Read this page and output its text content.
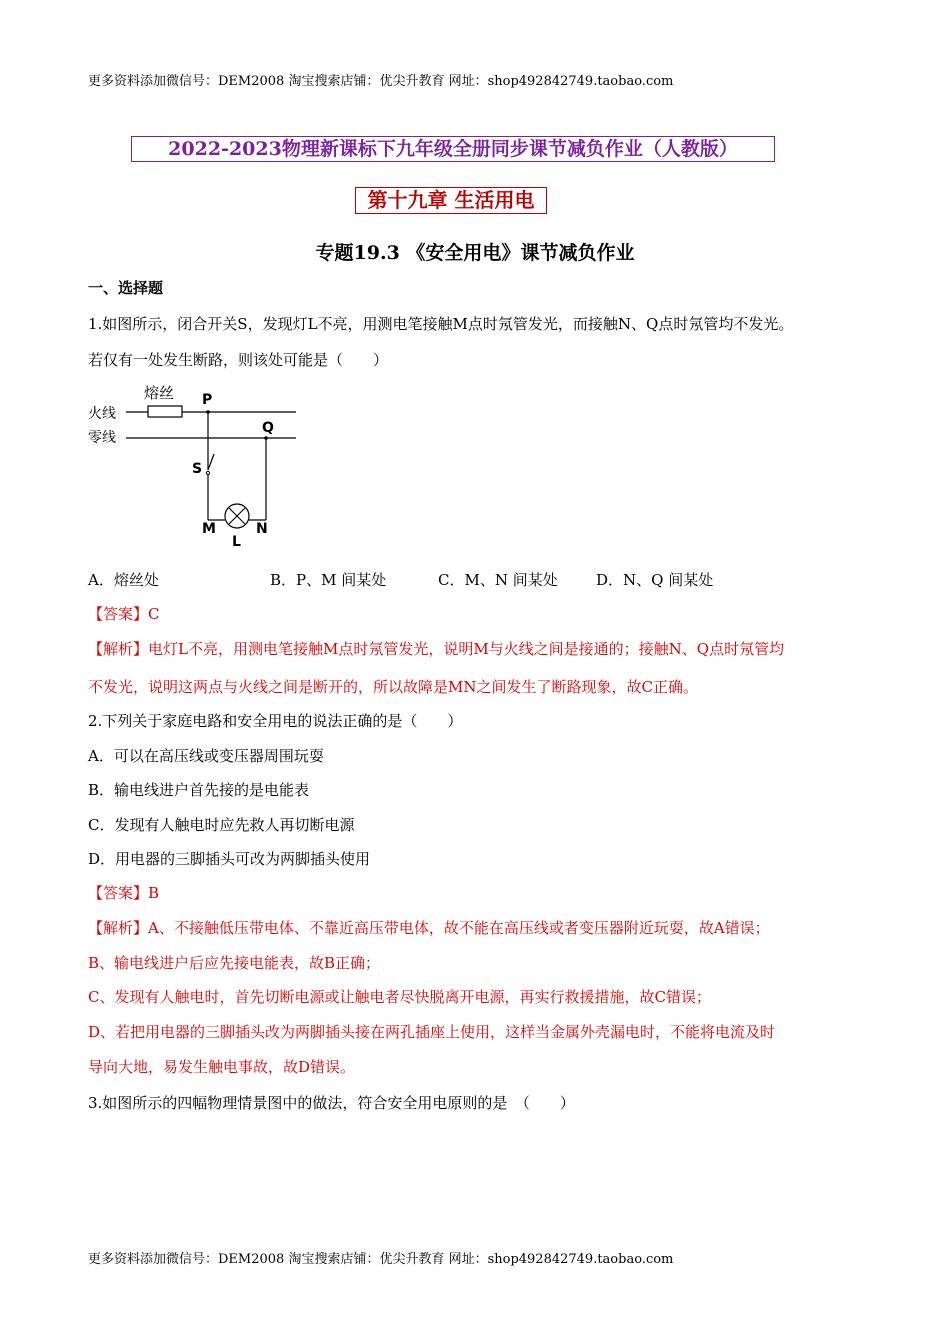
更多资料添加微信号：DEM2008 淘宝搜索店铺：优尖升教育 网址：shop492842749.taobao.com
2022-2023物理新课标下九年级全册同步课节减负作业（人教版）
第十九章 生活用电
专题19.3 《安全用电》课节减负作业
一、选择题
1.如图所示，闭合开关S，发现灯L不亮，用测电笔接触M点时氖管发光，而接触N、Q点时氖管均不发光。
若仅有一处发生断路，则该处可能是（　　）
熔丝
火线
零线
P
Q
S
M	N
L
A．熔丝处	B．P、M 间某处	C．M、N 间某处	D．N、Q 间某处
【答案】C
【解析】电灯L不亮，用测电笔接触M点时氖管发光，说明M与火线之间是接通的；接触N、Q点时氖管均
不发光，说明这两点与火线之间是断开的，所以故障是MN之间发生了断路现象，故C正确。
2.下列关于家庭电路和安全用电的说法正确的是（　　）
A．可以在高压线或变压器周围玩耍
B．输电线进户首先接的是电能表
C．发现有人触电时应先救人再切断电源
D．用电器的三脚插头可改为两脚插头使用
【答案】B
【解析】A、不接触低压带电体、不靠近高压带电体，故不能在高压线或者变压器附近玩耍，故A错误；
B、输电线进户后应先接电能表，故B正确；
C、发现有人触电时，首先切断电源或让触电者尽快脱离开电源，再实行救援措施，故C错误；
D、若把用电器的三脚插头改为两脚插头接在两孔插座上使用，这样当金属外壳漏电时，不能将电流及时
导向大地，易发生触电事故，故D错误。
3.如图所示的四幅物理情景图中的做法，符合安全用电原则的是　（　　）
更多资料添加微信号：DEM2008 淘宝搜索店铺：优尖升教育 网址：shop492842749.taobao.com
